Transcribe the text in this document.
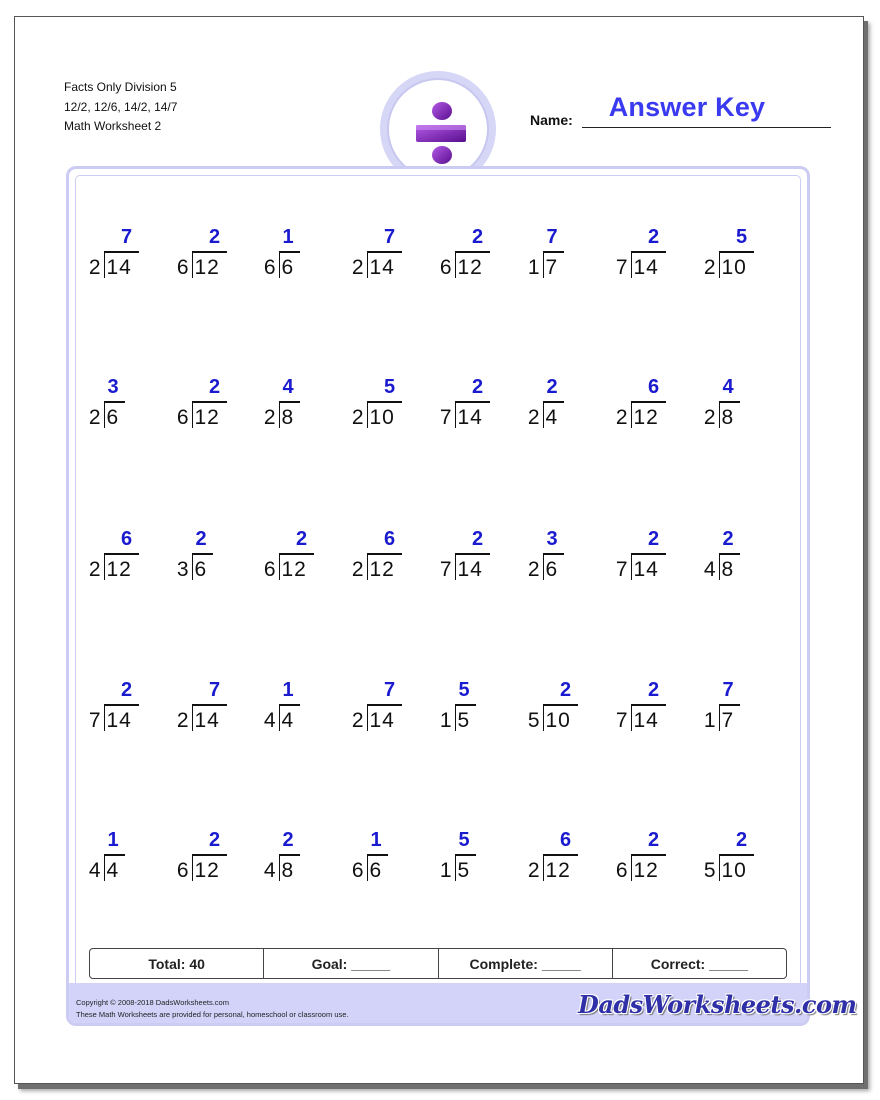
Facts Only Division 5
12/2, 12/6, 14/2, 14/7
Math Worksheet 2	Name:	Answer Key
2 14
7
6 12
2
6 6
1
2 14
7
6 12
2
1 7
7
7 14
2
2 10
5
2 6
3
6 12
2
2 8
4
2 10
5
7 14
2
2 4
2
2 12
6
2 8
4
2 12
6
3 6
2
6 12
2
2 12
6
7 14
2
2 6
3
7 14
2
4 8
2
7 14
2
2 14
7
4 4
1
2 14
7
1 5
5
5 10
2
7 14
2
1 7
7
4 4
1
6 12
2
4 8
2
6 6
1
1 5
5
2 12
6
6 12
2
5 10
2
Total: 40	Goal: _____	Complete: _____	Correct: _____
Copyright © 2008-2018 DadsWorksheets.com
These Math Worksheets are provided for personal, homeschool or classroom use.	DadsWorksheets.com
